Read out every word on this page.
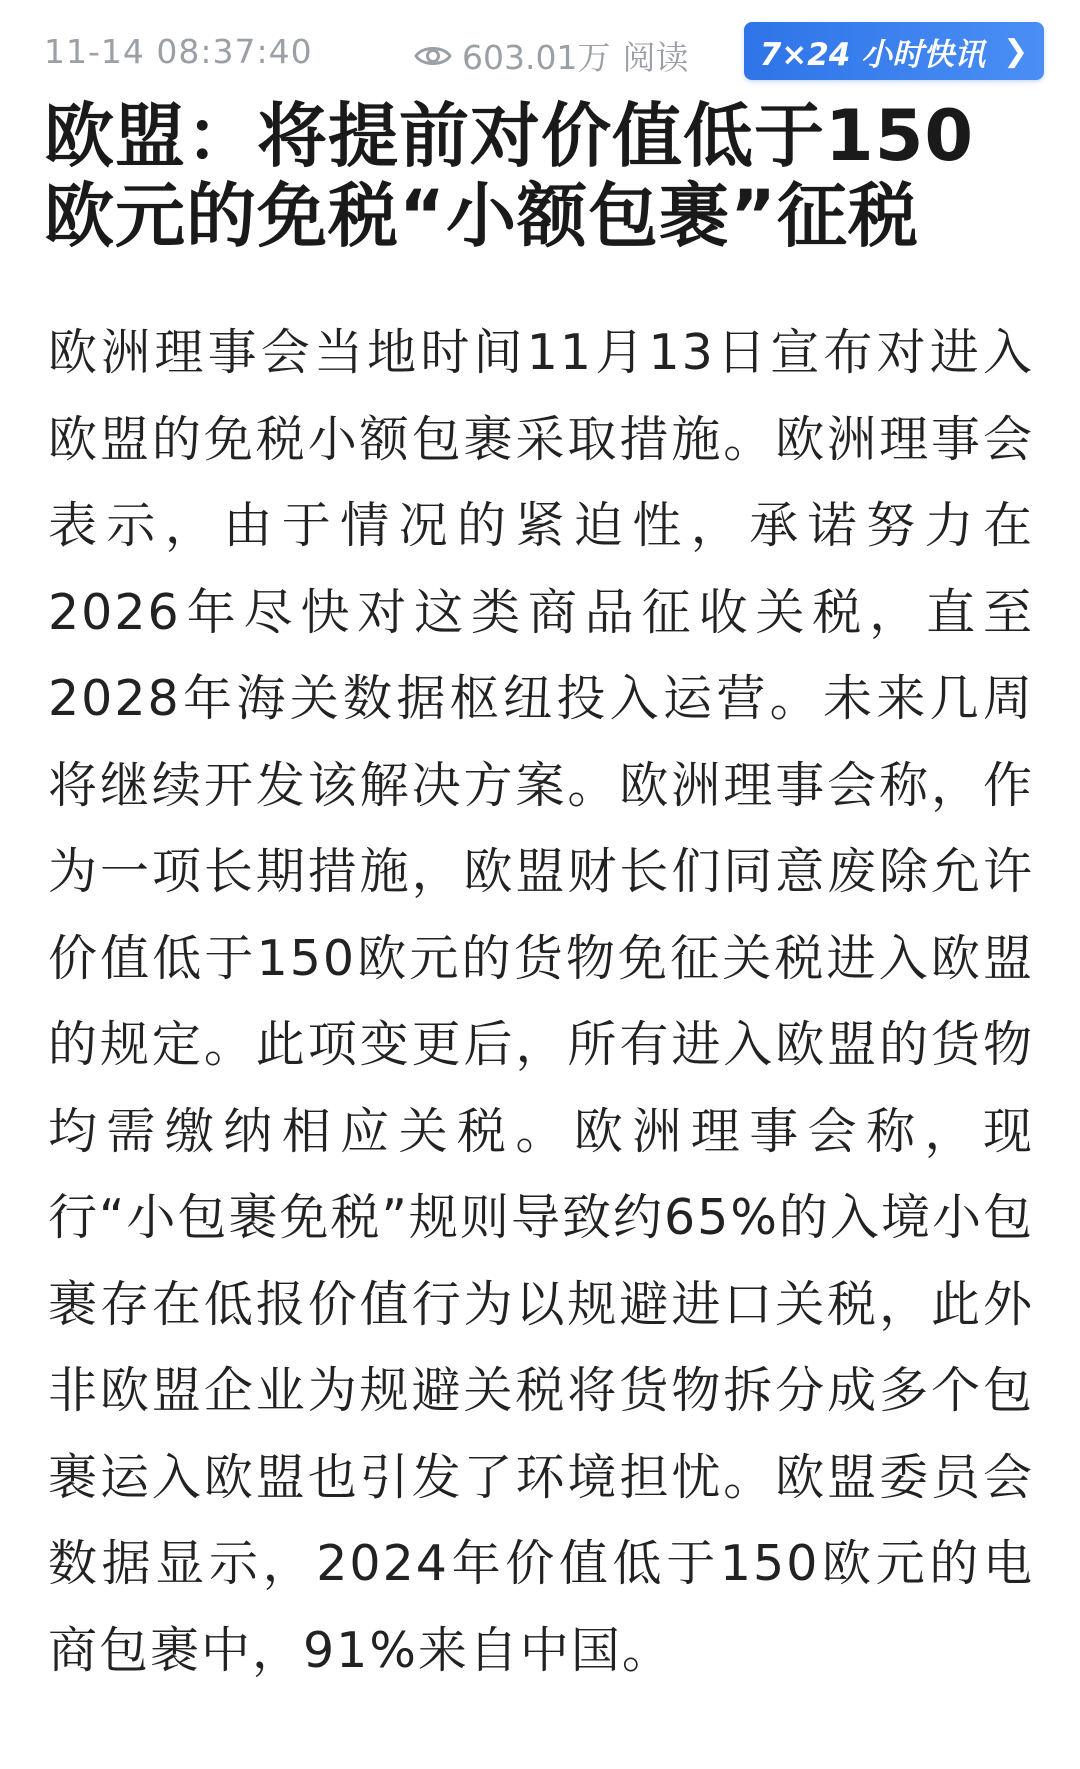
11-14 08:37:40	603.01万 阅读 7×24 小时快讯 ❯
欧盟：将提前对价值低于150欧元的免税“小额包裹”征税

欧洲理事会当地时间11月13日宣布对进入欧盟的免税小额包裹采取措施。欧洲理事会表示，由于情况的紧迫性，承诺努力在2026年尽快对这类商品征收关税，直至2028年海关数据枢纽投入运营。未来几周将继续开发该解决方案。欧洲理事会称，作为一项长期措施，欧盟财长们同意废除允许价值低于150欧元的货物免征关税进入欧盟的规定。此项变更后，所有进入欧盟的货物均需缴纳相应关税。欧洲理事会称，现行“小包裹免税”规则导致约65%的入境小包裹存在低报价值行为以规避进口关税，此外非欧盟企业为规避关税将货物拆分成多个包裹运入欧盟也引发了环境担忧。欧盟委员会数据显示，2024年价值低于150欧元的电商包裹中，91%来自中国。
